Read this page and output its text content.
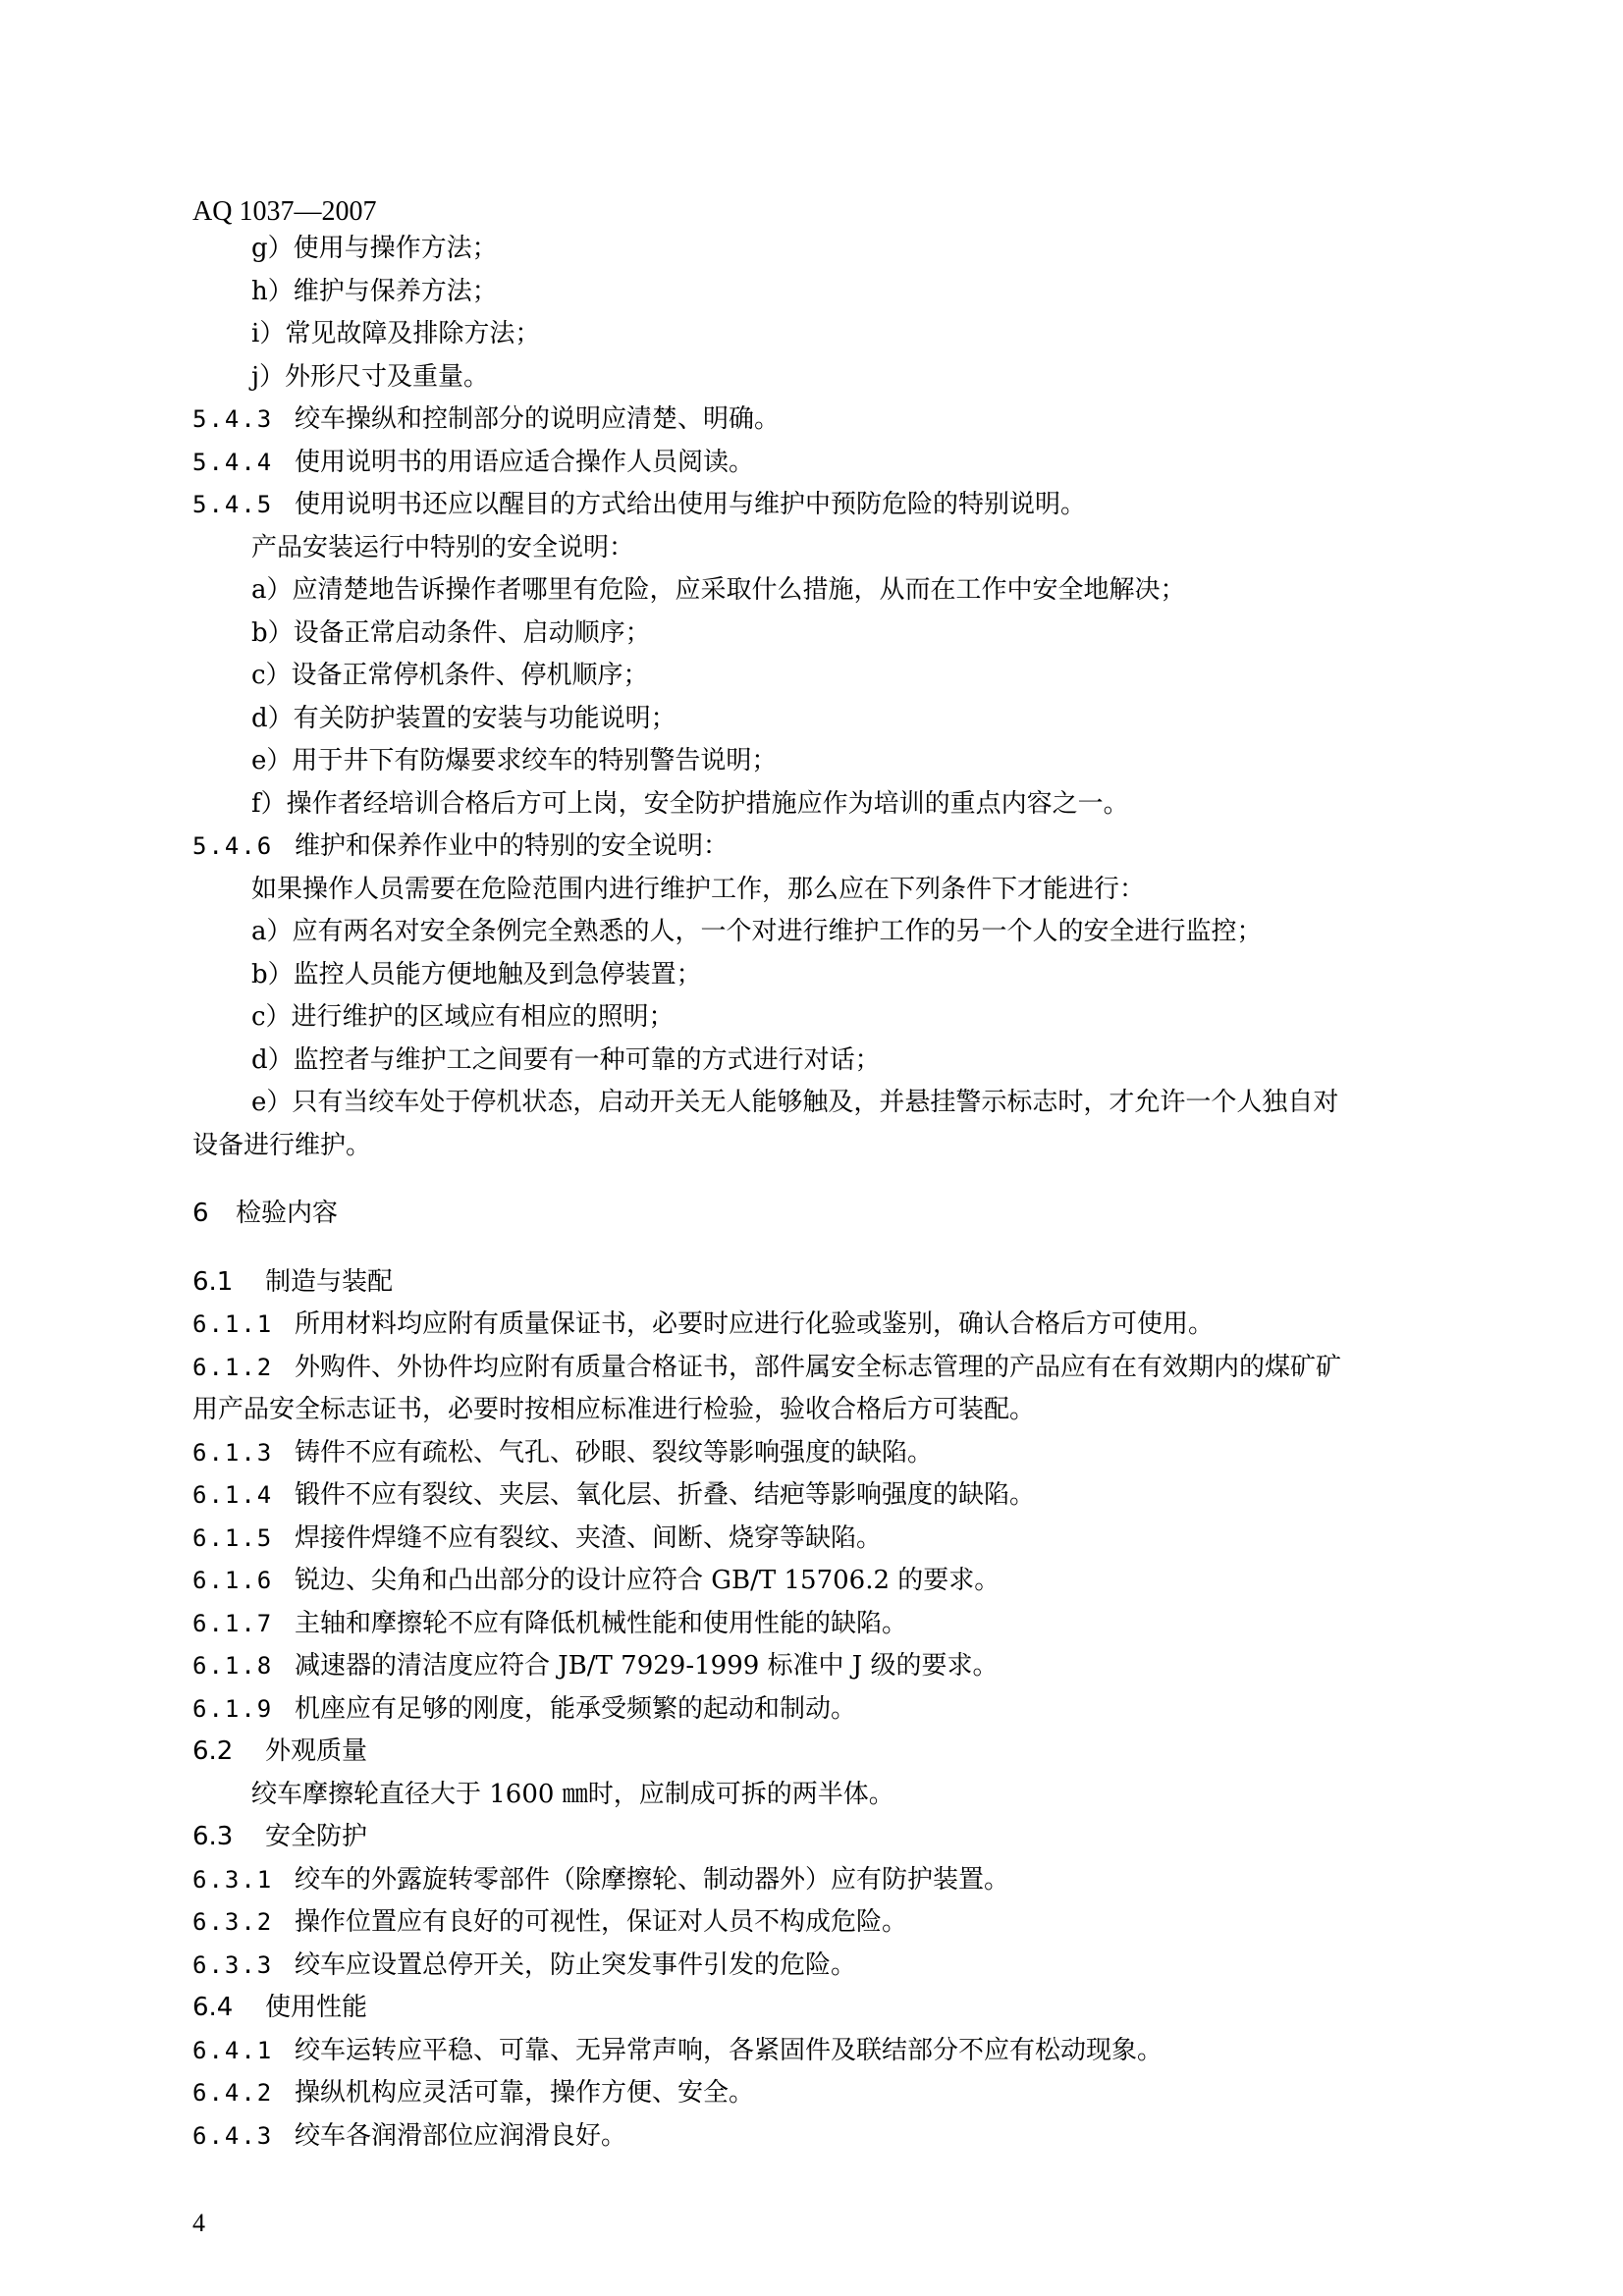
AQ 1037—2007
g）使用与操作方法；
h）维护与保养方法；
i）常见故障及排除方法；
j）外形尺寸及重量。
5.4.3 绞车操纵和控制部分的说明应清楚、明确。
5.4.4 使用说明书的用语应适合操作人员阅读。
5.4.5 使用说明书还应以醒目的方式给出使用与维护中预防危险的特别说明。
产品安装运行中特别的安全说明：
a）应清楚地告诉操作者哪里有危险，应采取什么措施，从而在工作中安全地解决；
b）设备正常启动条件、启动顺序；
c）设备正常停机条件、停机顺序；
d）有关防护装置的安装与功能说明；
e）用于井下有防爆要求绞车的特别警告说明；
f）操作者经培训合格后方可上岗，安全防护措施应作为培训的重点内容之一。
5.4.6 维护和保养作业中的特别的安全说明：
如果操作人员需要在危险范围内进行维护工作，那么应在下列条件下才能进行：
a）应有两名对安全条例完全熟悉的人，一个对进行维护工作的另一个人的安全进行监控；
b）监控人员能方便地触及到急停装置；
c）进行维护的区域应有相应的照明；
d）监控者与维护工之间要有一种可靠的方式进行对话；
e）只有当绞车处于停机状态，启动开关无人能够触及，并悬挂警示标志时，才允许一个人独自对
设备进行维护。
6 检验内容
6.1 制造与装配
6.1.1 所用材料均应附有质量保证书，必要时应进行化验或鉴别，确认合格后方可使用。
6.1.2 外购件、外协件均应附有质量合格证书，部件属安全标志管理的产品应有在有效期内的煤矿矿
用产品安全标志证书，必要时按相应标准进行检验，验收合格后方可装配。
6.1.3 铸件不应有疏松、气孔、砂眼、裂纹等影响强度的缺陷。
6.1.4 锻件不应有裂纹、夹层、氧化层、折叠、结疤等影响强度的缺陷。
6.1.5 焊接件焊缝不应有裂纹、夹渣、间断、烧穿等缺陷。
6.1.6 锐边、尖角和凸出部分的设计应符合 GB/T 15706.2 的要求。
6.1.7 主轴和摩擦轮不应有降低机械性能和使用性能的缺陷。
6.1.8 减速器的清洁度应符合 JB/T 7929-1999 标准中 J 级的要求。
6.1.9 机座应有足够的刚度，能承受频繁的起动和制动。
6.2 外观质量
绞车摩擦轮直径大于 1600 ㎜时，应制成可拆的两半体。
6.3 安全防护
6.3.1 绞车的外露旋转零部件（除摩擦轮、制动器外）应有防护装置。
6.3.2 操作位置应有良好的可视性，保证对人员不构成危险。
6.3.3 绞车应设置总停开关，防止突发事件引发的危险。
6.4 使用性能
6.4.1 绞车运转应平稳、可靠、无异常声响，各紧固件及联结部分不应有松动现象。
6.4.2 操纵机构应灵活可靠，操作方便、安全。
6.4.3 绞车各润滑部位应润滑良好。
4
